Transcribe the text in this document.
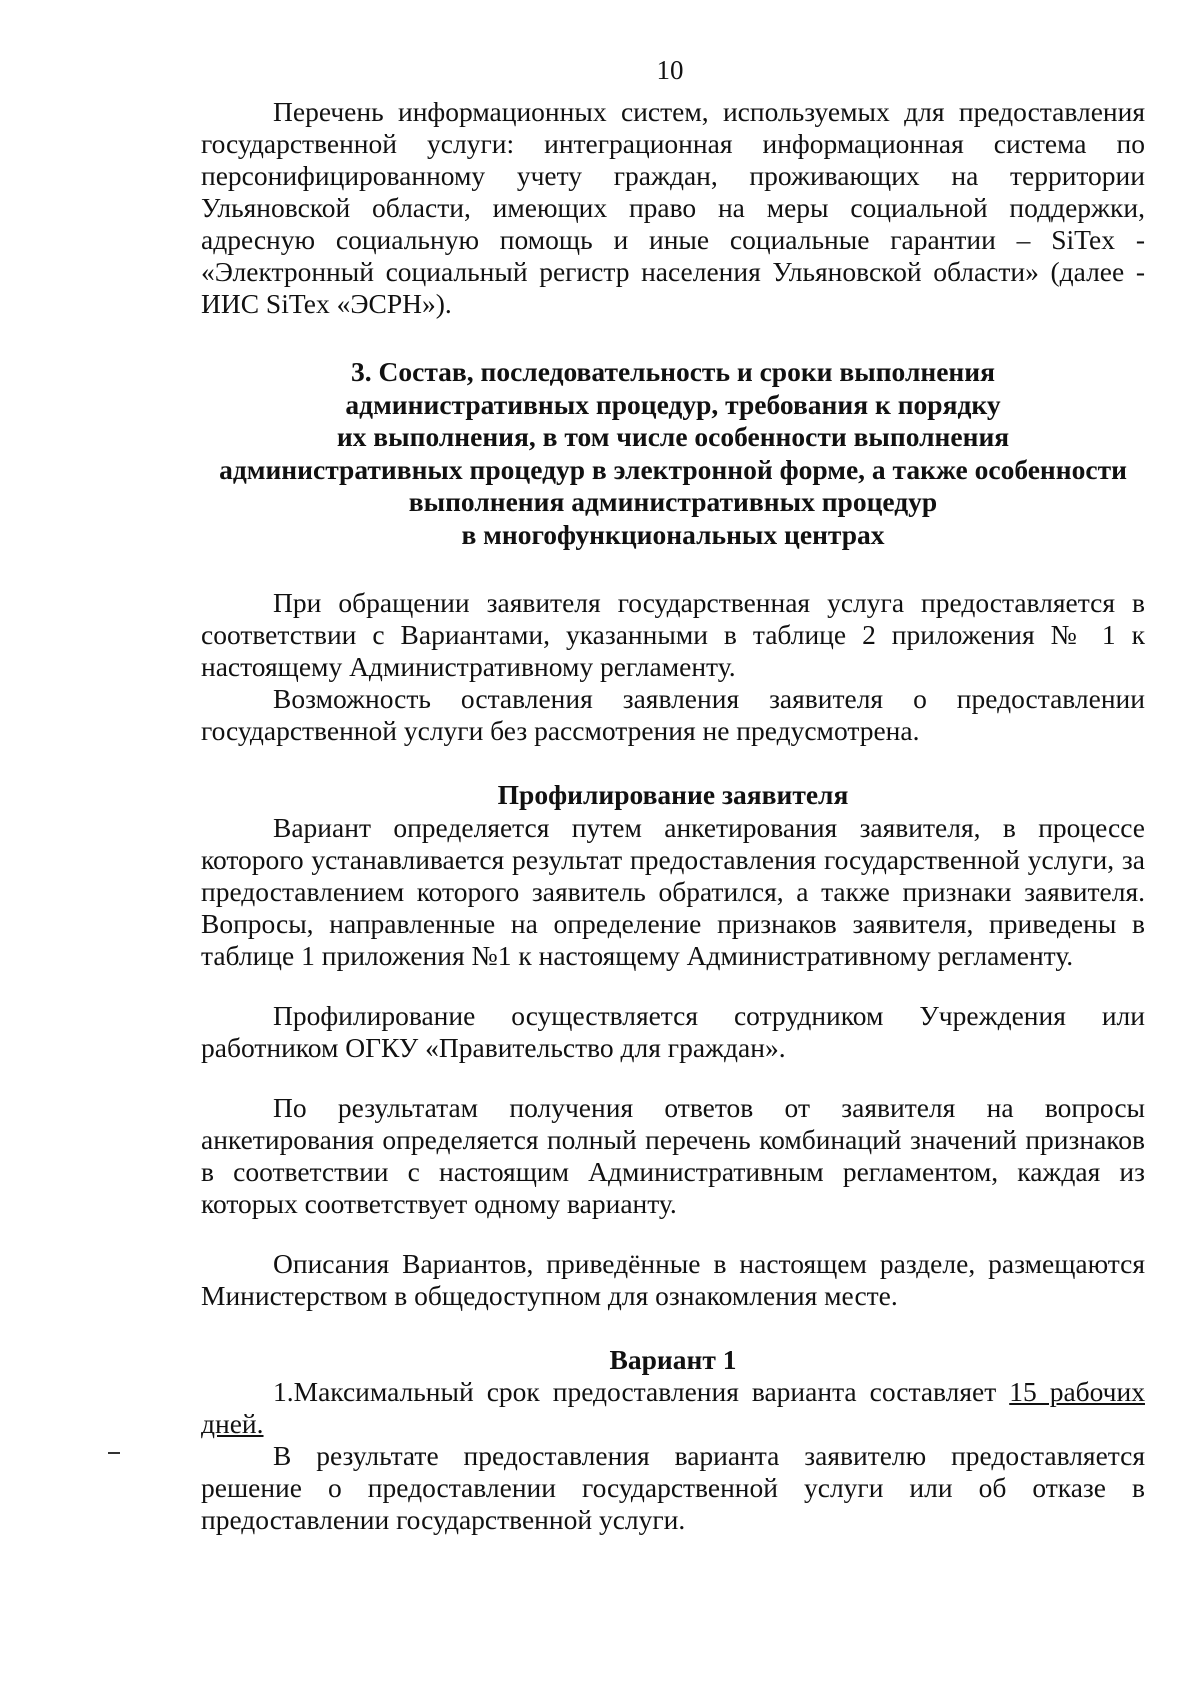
10

Перечень информационных систем, используемых для предоставления государственной услуги: интеграционная информационная система по персонифицированному учету граждан, проживающих на территории Ульяновской области, имеющих право на меры социальной поддержки, адресную социальную помощь и иные социальные гарантии – SiTex - «Электронный социальный регистр населения Ульяновской области» (далее - ИИС SiTex «ЭСРН»).

3. Состав, последовательность и сроки выполнения
административных процедур, требования к порядку
их выполнения, в том числе особенности выполнения
административных процедур в электронной форме, а также особенности
выполнения административных процедур
в многофункциональных центрах

При обращении заявителя государственная услуга предоставляется в соответствии с Вариантами, указанными в таблице 2 приложения № 1 к настоящему Административному регламенту.

Возможность оставления заявления заявителя о предоставлении государственной услуги без рассмотрения не предусмотрена.

Профилирование заявителя

Вариант определяется путем анкетирования заявителя, в процессе которого устанавливается результат предоставления государственной услуги, за предоставлением которого заявитель обратился, а также признаки заявителя. Вопросы, направленные на определение признаков заявителя, приведены в таблице 1 приложения №1 к настоящему Административному регламенту.

Профилирование осуществляется сотрудником Учреждения или работником ОГКУ «Правительство для граждан».

По результатам получения ответов от заявителя на вопросы анкетирования определяется полный перечень комбинаций значений признаков в соответствии с настоящим Административным регламентом, каждая из которых соответствует одному варианту.

Описания Вариантов, приведённые в настоящем разделе, размещаются Министерством в общедоступном для ознакомления месте.

Вариант 1

1.Максимальный срок предоставления варианта составляет 15 рабочих дней.

В результате предоставления варианта заявителю предоставляется решение о предоставлении государственной услуги или об отказе в предоставлении государственной услуги.
